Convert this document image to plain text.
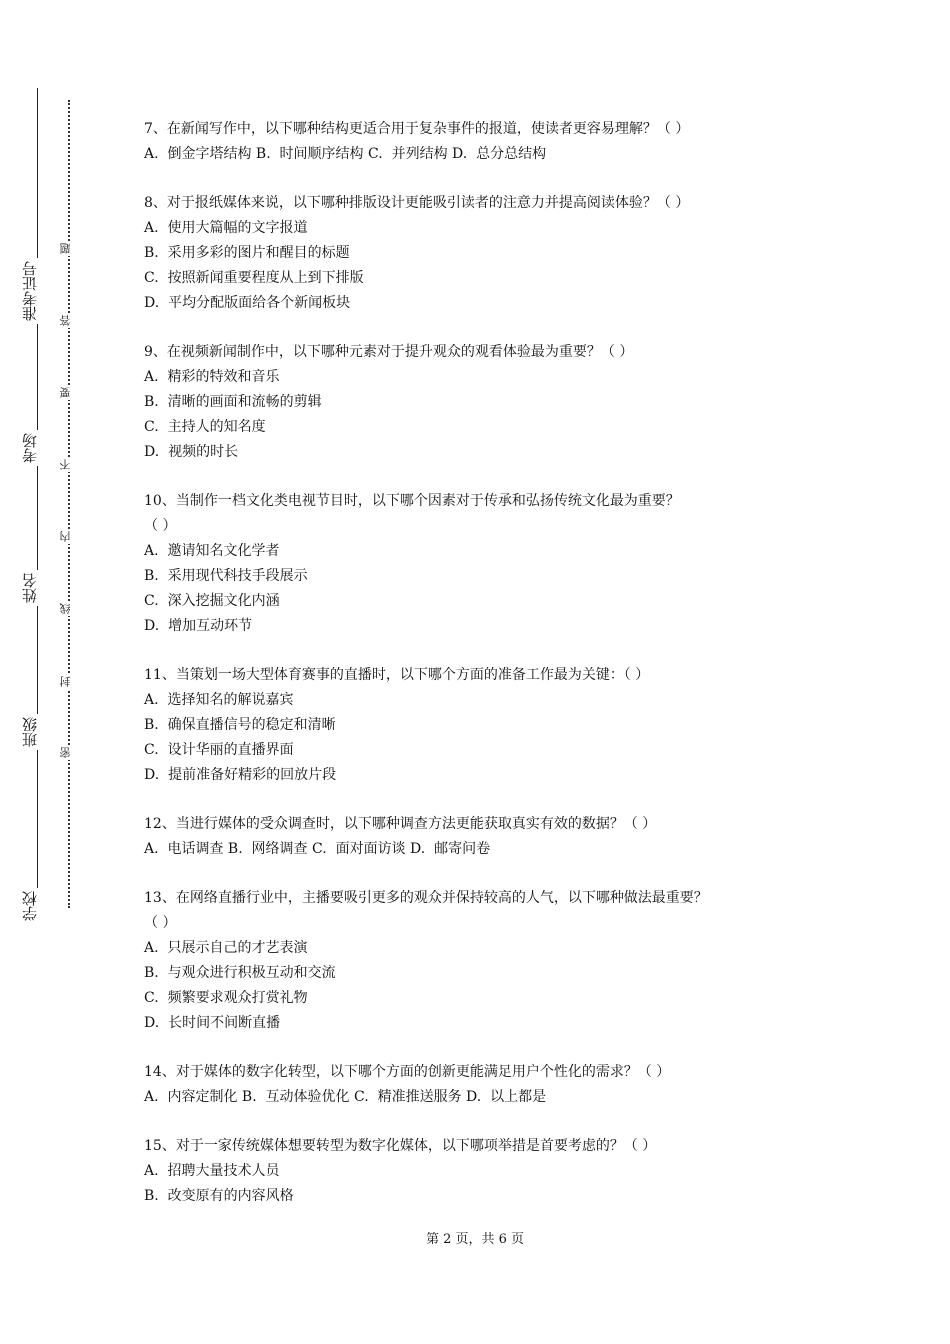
学校
班级
姓名
考场
准考证号
密
封
线
内
不
要
答
题
7、在新闻写作中，以下哪种结构更适合用于复杂事件的报道，使读者更容易理解？（ ）
A.  倒金字塔结构 B.  时间顺序结构 C.  并列结构 D.  总分总结构
8、对于报纸媒体来说，以下哪种排版设计更能吸引读者的注意力并提高阅读体验？（ ）
A.  使用大篇幅的文字报道
B.  采用多彩的图片和醒目的标题
C.  按照新闻重要程度从上到下排版
D.  平均分配版面给各个新闻板块
9、在视频新闻制作中，以下哪种元素对于提升观众的观看体验最为重要？（ ）
A.  精彩的特效和音乐
B.  清晰的画面和流畅的剪辑
C.  主持人的知名度
D.  视频的时长
10、当制作一档文化类电视节目时，以下哪个因素对于传承和弘扬传统文化最为重要？
（ ）
A.  邀请知名文化学者
B.  采用现代科技手段展示
C.  深入挖掘文化内涵
D.  增加互动环节
11、当策划一场大型体育赛事的直播时，以下哪个方面的准备工作最为关键：（ ）
A.  选择知名的解说嘉宾
B.  确保直播信号的稳定和清晰
C.  设计华丽的直播界面
D.  提前准备好精彩的回放片段
12、当进行媒体的受众调查时，以下哪种调查方法更能获取真实有效的数据？（ ）
A.  电话调查 B.  网络调查 C.  面对面访谈 D.  邮寄问卷
13、在网络直播行业中，主播要吸引更多的观众并保持较高的人气，以下哪种做法最重要？
（ ）
A.  只展示自己的才艺表演
B.  与观众进行积极互动和交流
C.  频繁要求观众打赏礼物
D.  长时间不间断直播
14、对于媒体的数字化转型，以下哪个方面的创新更能满足用户个性化的需求？（ ）
A.  内容定制化 B.  互动体验优化 C.  精准推送服务 D.  以上都是
15、对于一家传统媒体想要转型为数字化媒体，以下哪项举措是首要考虑的？（ ）
A.  招聘大量技术人员
B.  改变原有的内容风格
第 2 页，共 6 页
